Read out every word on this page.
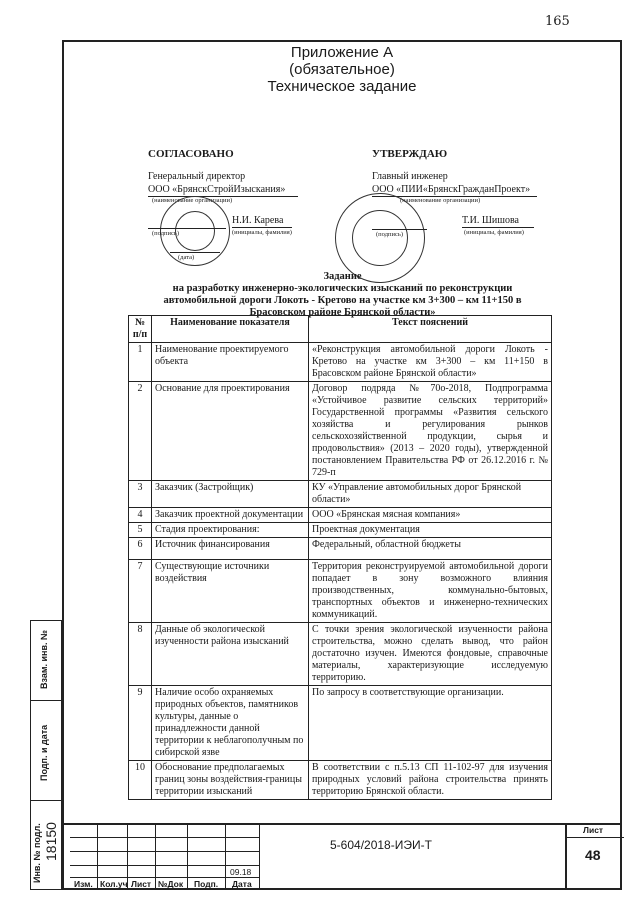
165
Приложение А
(обязательное)
Техническое задание
СОГЛАСОВАНО
Генеральный директор
ООО «БрянскСтройИзыскания»
(наименование организации)
(подпись)
Н.И. Карева
(инициалы, фамилия)
(дата)
УТВЕРЖДАЮ
Главный инженер
ООО «ПИИ«БрянскГражданПроект»
(наименование организации)
(подпись)
Т.И. Шишова
(инициалы, фамилия)
Задание
на разработку инженерно-экологических изысканий по реконструкции
автомобильной дороги Локоть - Кретово на участке км 3+300 – км 11+150 в
Брасовском районе Брянской области»
№ п/п	Наименование показателя	Текст пояснений
1	Наименование проектируемого объекта	«Реконструкция автомобильной дороги Локоть - Кретово на участке км 3+300 – км 11+150 в Брасовском районе Брянской области»
2	Основание для проектирования	Договор подряда №70о-2018, Подпрограмма «Устойчивое развитие сельских территорий» Государственной программы «Развития сельского хозяйства и регулирования рынков сельскохозяйственной продукции, сырья и продовольствия» (2013 – 2020 годы), утвержденной постановлением Правительства РФ от 26.12.2016 г. № 729-п
3	Заказчик (Застройщик)	КУ «Управление автомобильных дорог Брянской области»
4	Заказчик проектной документации	ООО «Брянская мясная компания»
5	Стадия проектирования:	Проектная документация
6	Источник финансирования	Федеральный, областной бюджеты
7	Существующие источники воздействия	Территория реконструируемой автомобильной дороги попадает в зону возможного влияния производственных, коммунально-бытовых, транспортных объектов и инженерно-технических коммуникаций.
8	Данные об экологической изученности района изысканий	С точки зрения экологической изученности района строительства, можно сделать вывод, что район достаточно изучен. Имеются фондовые, справочные материалы, характеризующие исследуемую территорию.
9	Наличие особо охраняемых природных объектов, памятников культуры, данные о принадлежности данной территории к неблагополучным по сибирской язве	По запросу в соответствующие организации.
10	Обоснование предполагаемых границ зоны воздействия-границы территории изысканий	В соответствии с п.5.13 СП 11-102-97 для изучения природных условий района строительства принять территорию Брянской области.
Взам. инв. №
Подп. и дата
Инв. № подл. 18150
Изм. Кол.уч Лист №Док Подп. Дата
09.18
5-604/2018-ИЭИ-Т
Лист
48
